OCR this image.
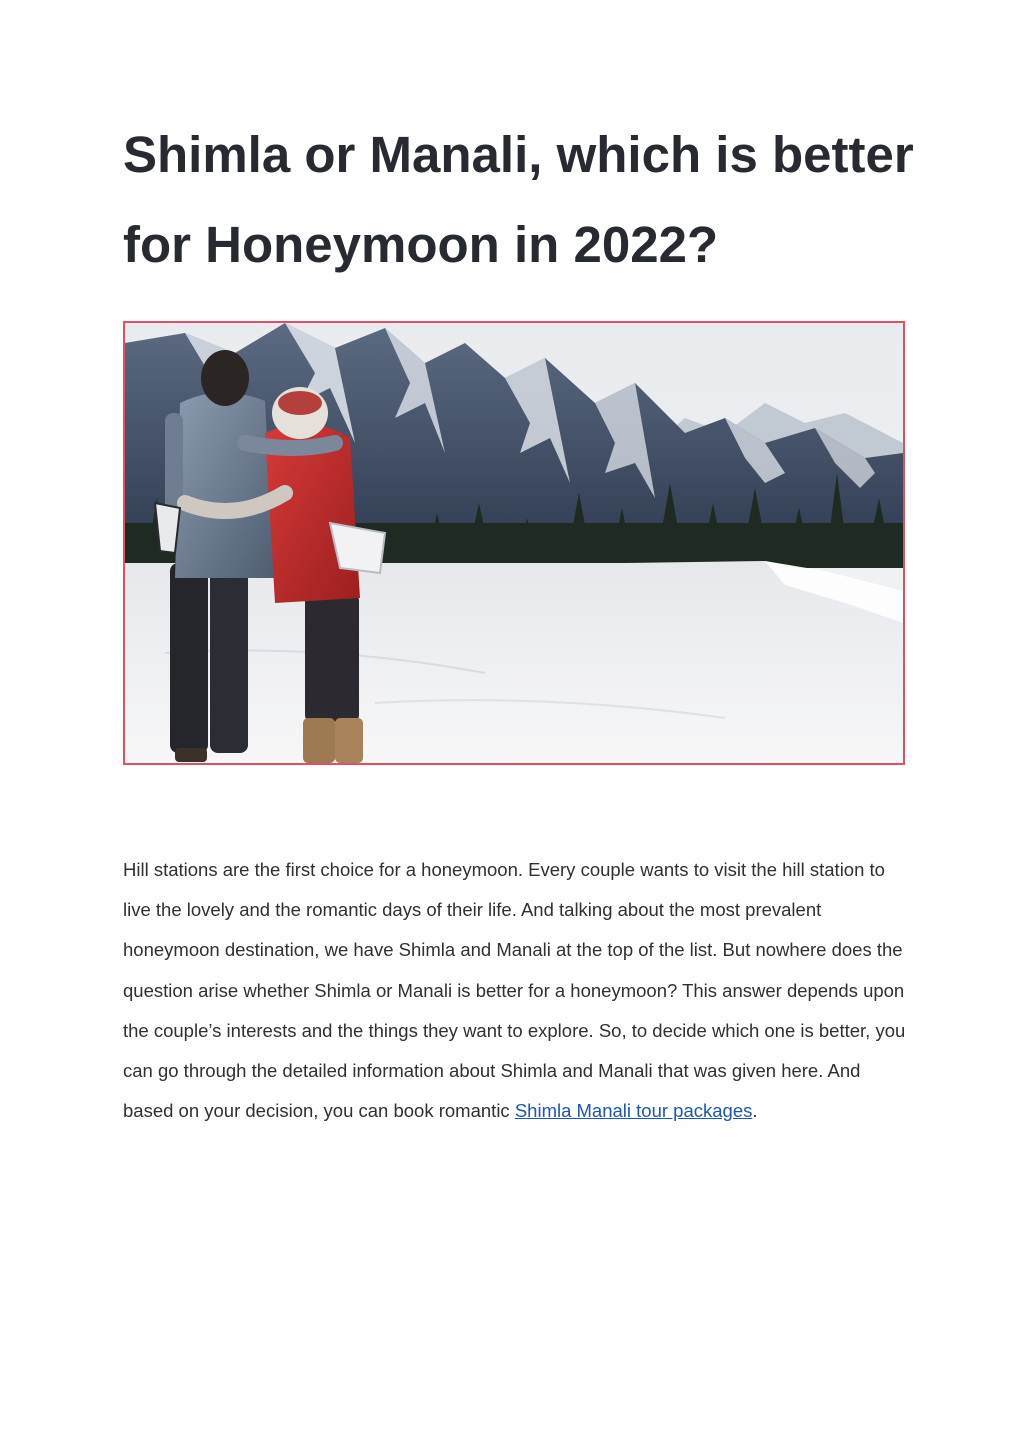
Shimla or Manali, which is better for Honeymoon in 2022?

Hill stations are the first choice for a honeymoon. Every couple wants to visit the hill station to live the lovely and the romantic days of their life. And talking about the most prevalent honeymoon destination, we have Shimla and Manali at the top of the list. But nowhere does the question arise whether Shimla or Manali is better for a honeymoon? This answer depends upon the couple’s interests and the things they want to explore. So, to decide which one is better, you can go through the detailed information about Shimla and Manali that was given here. And based on your decision, you can book romantic Shimla Manali tour packages.
